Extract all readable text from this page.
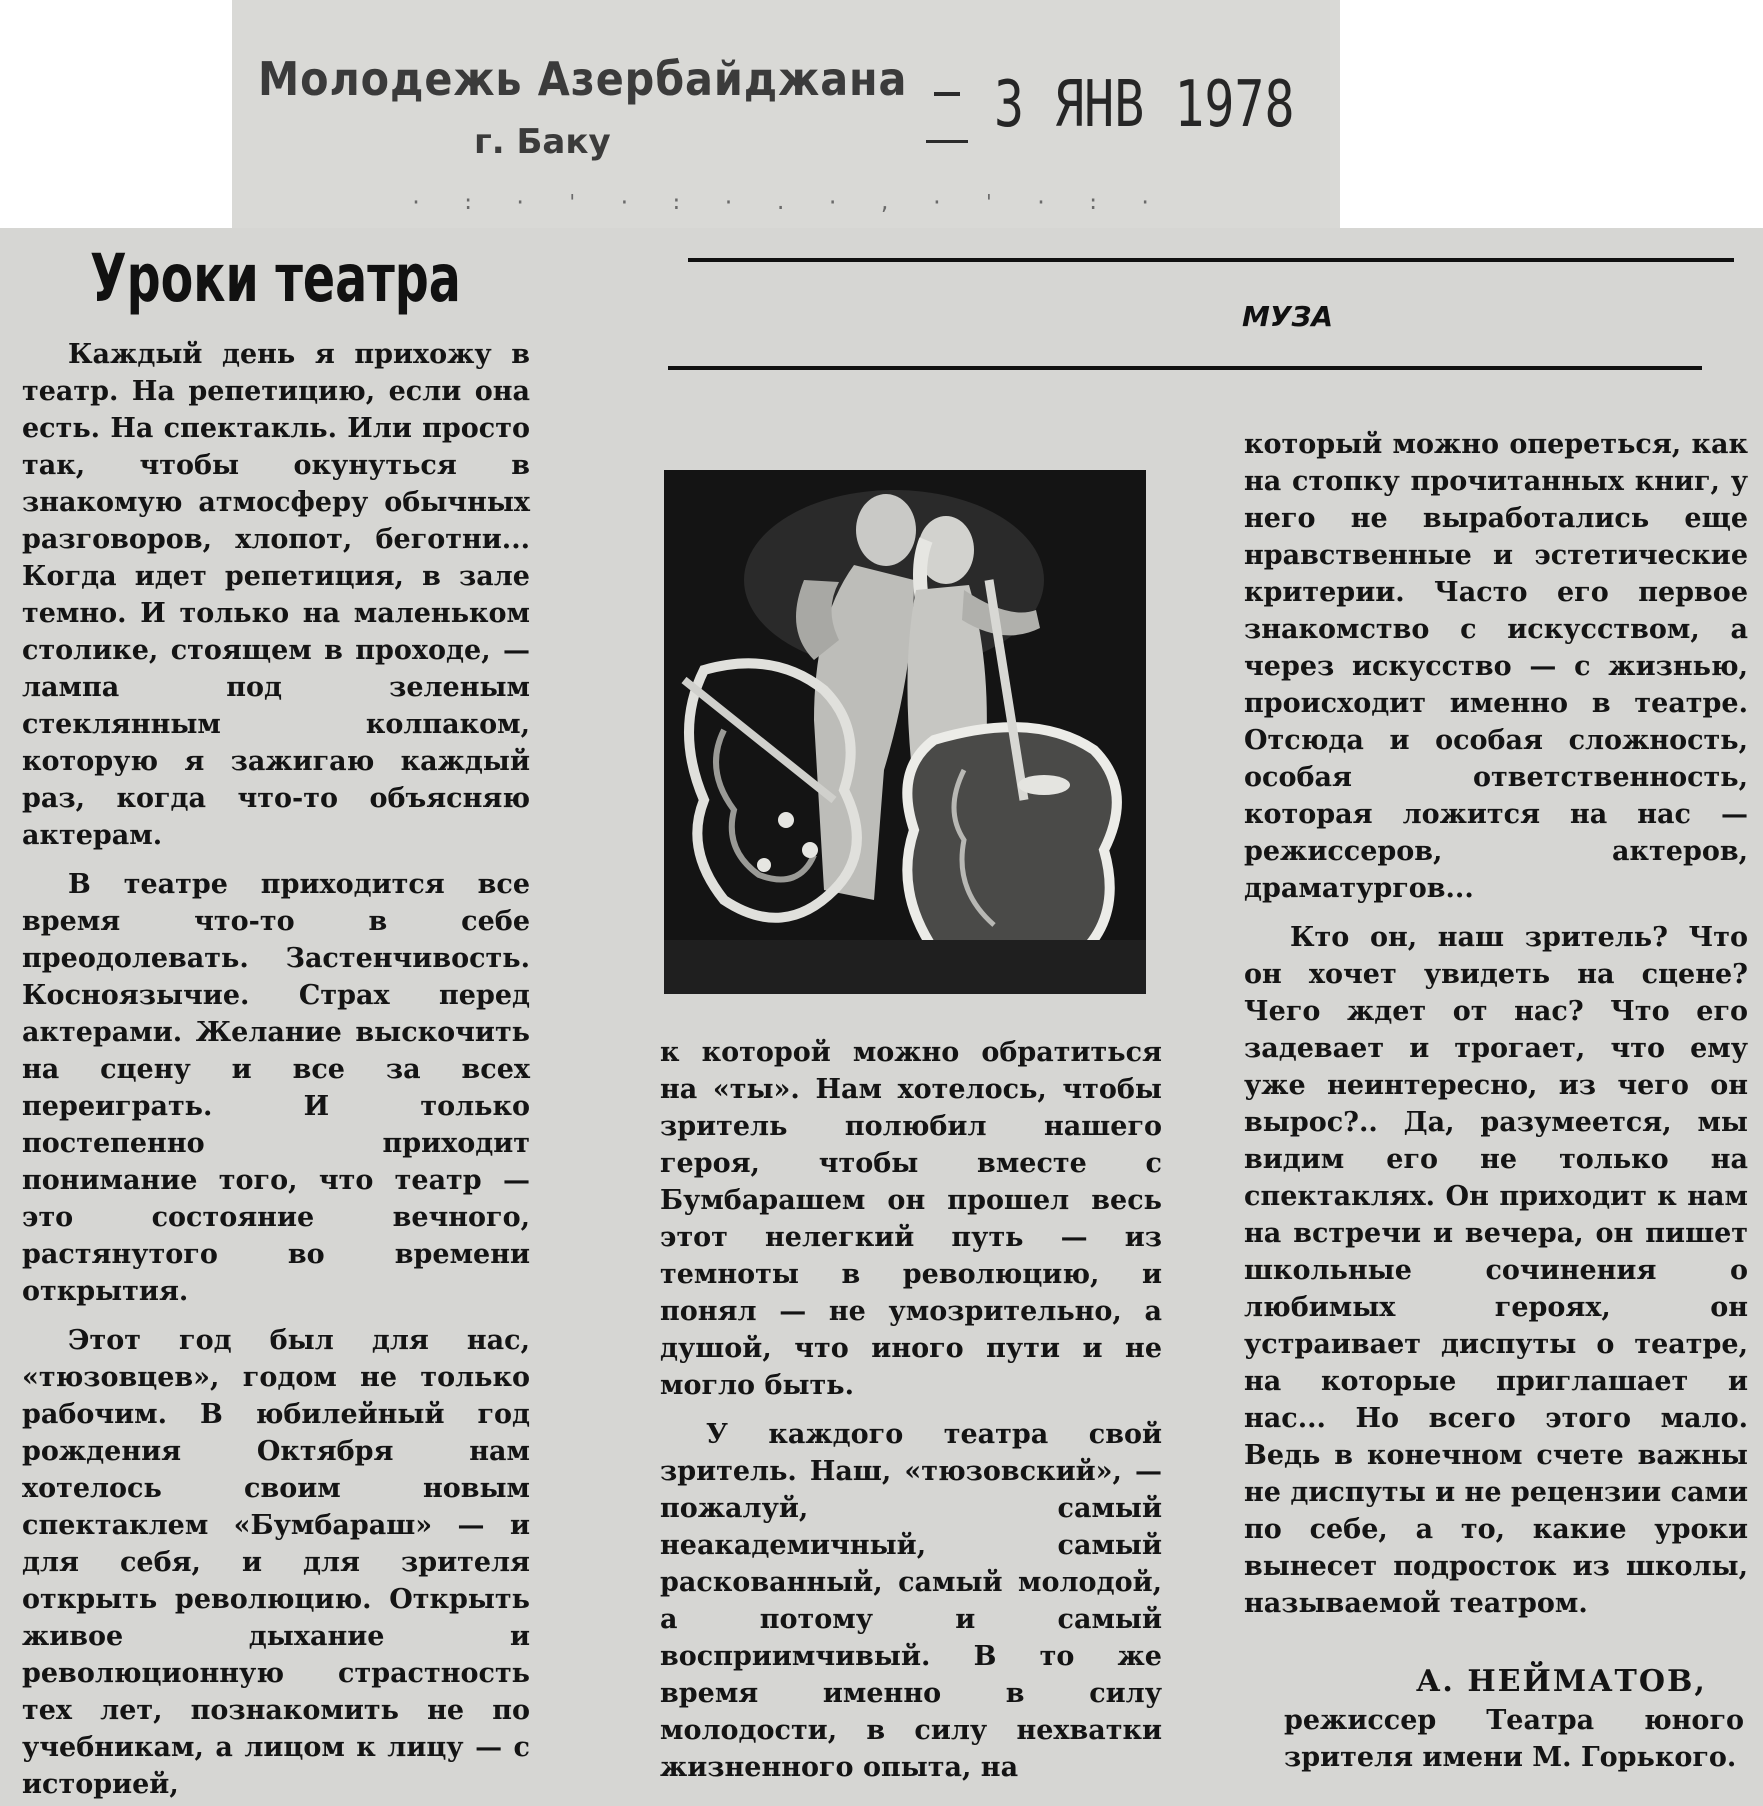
Молодежь Азербайджана
г. Баку	3 ЯНВ 1978
· : · ' · : · . · , · ' · : ·
Уроки театра	МУЗА

Каждый день я прихожу в театр. На репетицию, если она есть. На спектакль. Или просто так, чтобы окунуться в знакомую атмосферу обычных разговоров, хлопот, беготни... Когда идет репетиция, в зале темно. И только на маленьком столике, стоящем в проходе, — лампа под зеленым стеклянным колпаком, которую я зажигаю каждый раз, когда что-то объясняю актерам.

В театре приходится все время что-то в себе преодолевать. Застенчивость. Косноязычие. Страх перед актерами. Желание выскочить на сцену и все за всех переиграть. И только постепенно приходит понимание того, что театр — это состояние вечного, растянутого во времени открытия.

Этот год был для нас, «тюзовцев», годом не только рабочим. В юбилейный год рождения Октября нам хотелось своим новым спектаклем «Бумбараш» — и для себя, и для зрителя открыть революцию. Открыть живое дыхание и революционную страстность тех лет, познакомить не по учебникам, а лицом к лицу — с историей,

к которой можно обратиться на «ты». Нам хотелось, чтобы зритель полюбил нашего героя, чтобы вместе с Бумбарашем он прошел весь этот нелегкий путь — из темноты в революцию, и понял — не умозрительно, а душой, что иного пути и не могло быть.

У каждого театра свой зритель. Наш, «тюзовский», — пожалуй, самый неакадемичный, самый раскованный, самый молодой, а потому и самый восприимчивый. В то же время именно в силу молодости, в силу нехватки жизненного опыта, на

который можно опереться, как на стопку прочитанных книг, у него не выработались еще нравственные и эстетические критерии. Часто его первое знакомство с искусством, а через искусство — с жизнью, происходит именно в театре. Отсюда и особая сложность, особая ответственность, которая ложится на нас — режиссеров, актеров, драматургов...

Кто он, наш зритель? Что он хочет увидеть на сцене? Чего ждет от нас? Что его задевает и трогает, что ему уже неинтересно, из чего он вырос?.. Да, разумеется, мы видим его не только на спектаклях. Он приходит к нам на встречи и вечера, он пишет школьные сочинения о любимых героях, он устраивает диспуты о театре, на которые приглашает и нас... Но всего этого мало. Ведь в конечном счете важны не диспуты и не рецензии сами по себе, а то, какие уроки вынесет подросток из школы, называемой театром.

А. НЕЙМАТОВ,
режиссер Театра юного зрителя имени М. Горького.
